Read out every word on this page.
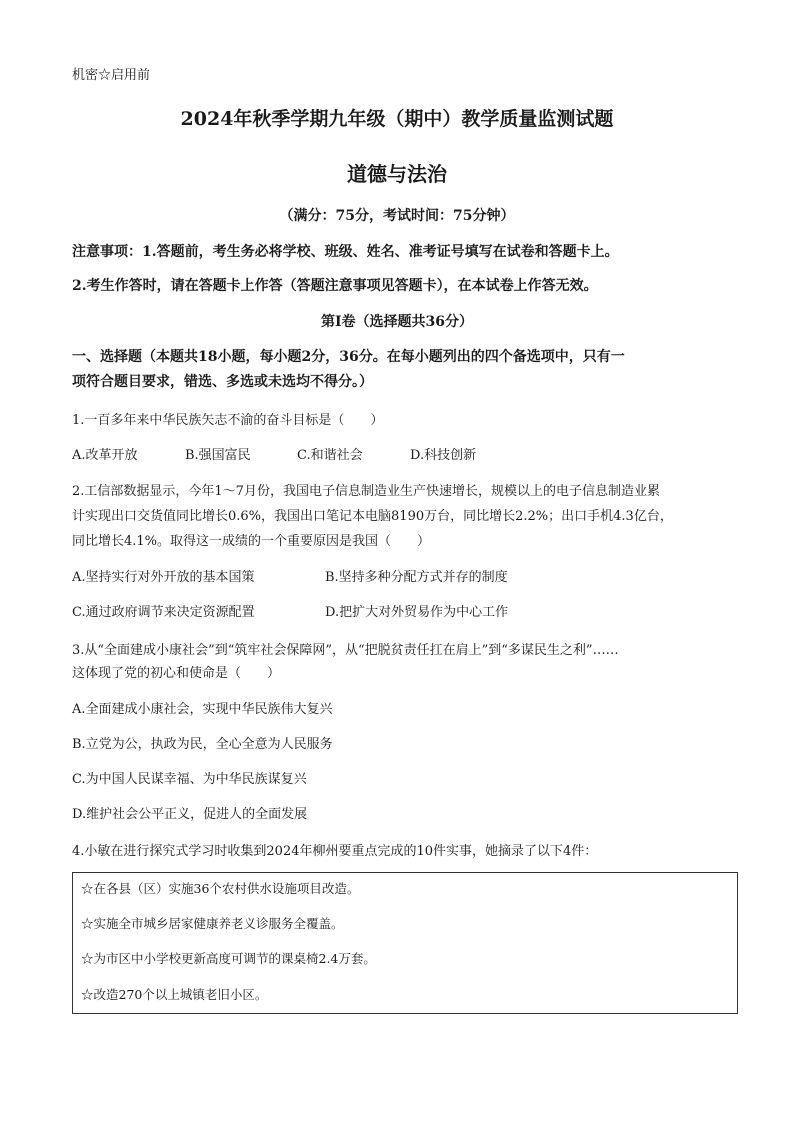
机密☆启用前
2024年秋季学期九年级（期中）教学质量监测试题
道德与法治
（满分：75分，考试时间：75分钟）
注意事项：1.答题前，考生务必将学校、班级、姓名、准考证号填写在试卷和答题卡上。
2.考生作答时，请在答题卡上作答（答题注意事项见答题卡），在本试卷上作答无效。
第Ⅰ卷（选择题共36分）
一、选择题（本题共18小题，每小题2分，36分。在每小题列出的四个备选项中，只有一
项符合题目要求，错选、多选或未选均不得分。）
1.一百多年来中华民族矢志不渝的奋斗目标是（　　）
A.改革开放	B.强国富民	C.和谐社会	D.科技创新
2.工信部数据显示，今年1～7月份，我国电子信息制造业生产快速增长，规模以上的电子信息制造业累
计实现出口交货值同比增长0.6%，我国出口笔记本电脑8190万台，同比增长2.2%；出口手机4.3亿台，
同比增长4.1%。取得这一成绩的一个重要原因是我国（　　）
A.坚持实行对外开放的基本国策	B.坚持多种分配方式并存的制度
C.通过政府调节来决定资源配置	D.把扩大对外贸易作为中心工作
3.从“全面建成小康社会”到“筑牢社会保障网”，从“把脱贫责任扛在肩上”到“多谋民生之利”……
这体现了党的初心和使命是（　　）
A.全面建成小康社会，实现中华民族伟大复兴
B.立党为公，执政为民，全心全意为人民服务
C.为中国人民谋幸福、为中华民族谋复兴
D.维护社会公平正义，促进人的全面发展
4.小敏在进行探究式学习时收集到2024年柳州要重点完成的10件实事，她摘录了以下4件：
☆在各县（区）实施36个农村供水设施项目改造。
☆实施全市城乡居家健康养老义诊服务全覆盖。
☆为市区中小学校更新高度可调节的课桌椅2.4万套。
☆改造270个以上城镇老旧小区。
